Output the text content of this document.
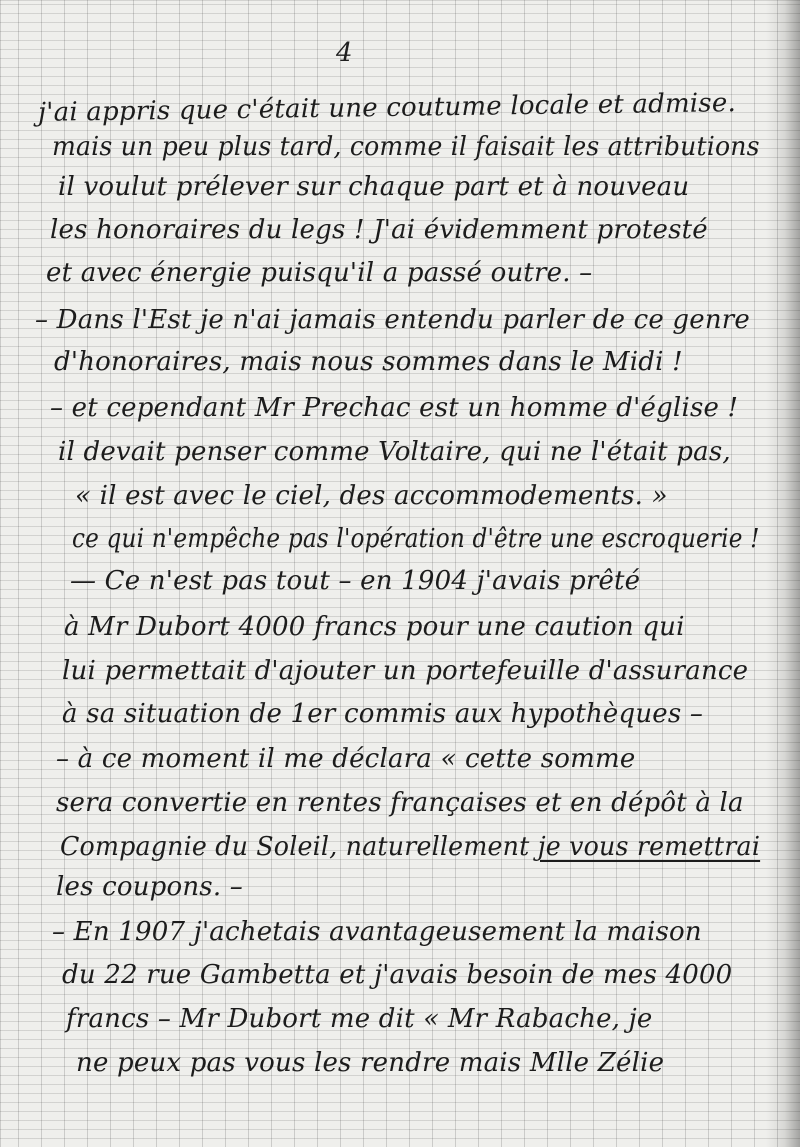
4
j'ai appris que c'était une coutume locale et admise.
mais un peu plus tard, comme il faisait les attributions
il voulut prélever sur chaque part et à nouveau
les honoraires du legs ! J'ai évidemment protesté
et avec énergie puisqu'il a passé outre. –
– Dans l'Est je n'ai jamais entendu parler de ce genre
d'honoraires, mais nous sommes dans le Midi !
– et cependant Mr Prechac est un homme d'église !
il devait penser comme Voltaire, qui ne l'était pas,
« il est avec le ciel, des accommodements. »
ce qui n'empêche pas l'opération d'être une escroquerie !
— Ce n'est pas tout – en 1904 j'avais prêté
à Mr Dubort 4000 francs pour une caution qui
lui permettait d'ajouter un portefeuille d'assurance
à sa situation de 1er commis aux hypothèques –
– à ce moment il me déclara « cette somme
sera convertie en rentes françaises et en dépôt à la
Compagnie du Soleil, naturellement je vous remettrai
les coupons. –
– En 1907 j'achetais avantageusement la maison
du 22 rue Gambetta et j'avais besoin de mes 4000
francs – Mr Dubort me dit « Mr Rabache, je
ne peux pas vous les rendre mais Mlle Zélie
